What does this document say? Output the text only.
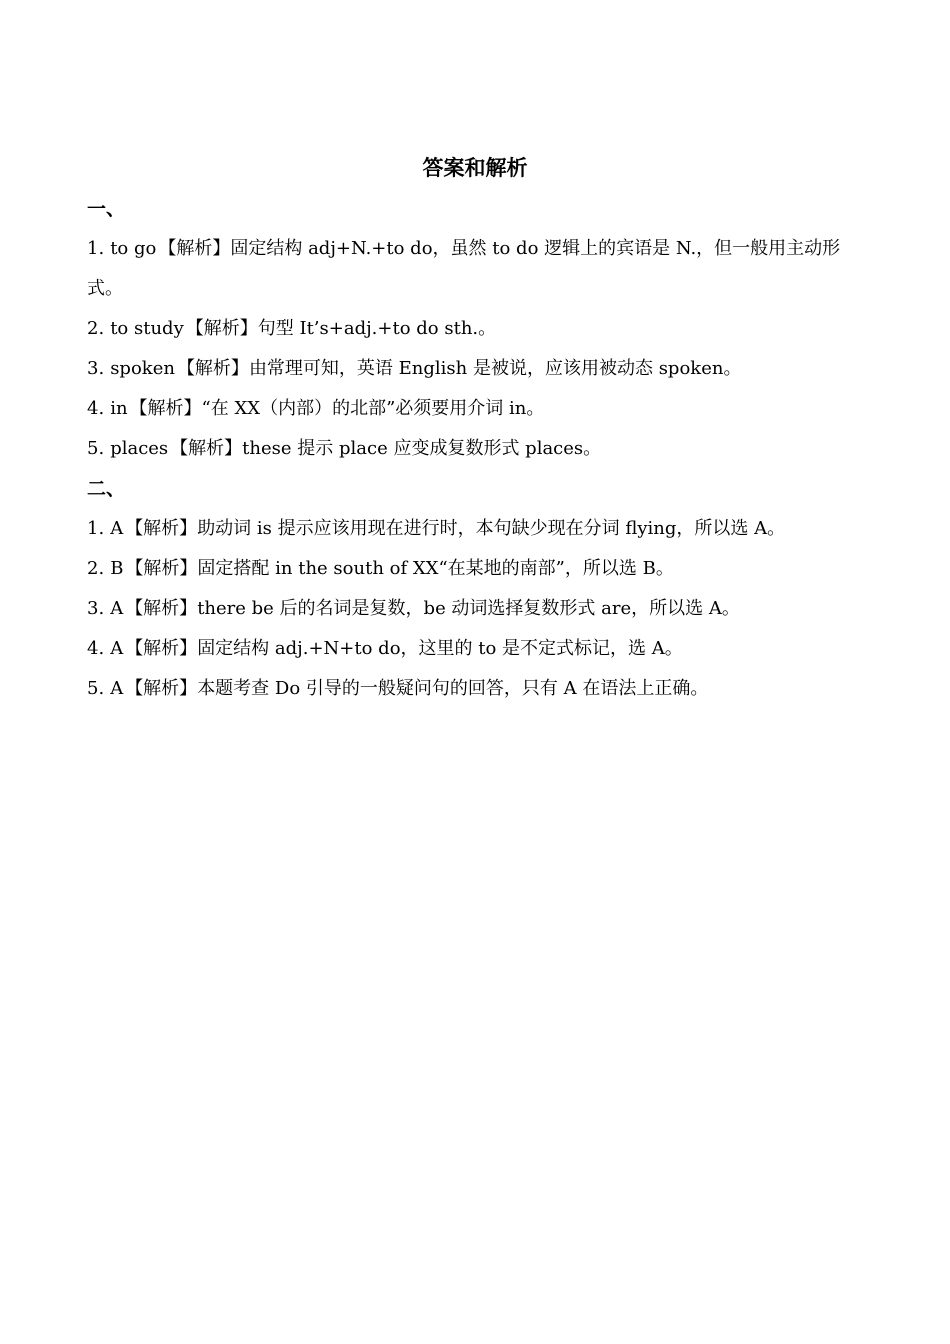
答案和解析
一、

1. to go 【解析】固定结构 adj+N.+to do，虽然 to do 逻辑上的宾语是 N.，但一般用主动形式。

2. to study 【解析】句型 It’s+adj.+to do sth.。

3. spoken 【解析】由常理可知，英语 English 是被说，应该用被动态 spoken。

4. in 【解析】“在 XX（内部）的北部”必须要用介词 in。

5. places 【解析】these 提示 place 应变成复数形式 places。

二、

1. A 【解析】助动词 is 提示应该用现在进行时，本句缺少现在分词 flying，所以选 A。

2. B 【解析】固定搭配 in the south of XX“在某地的南部”，所以选 B。

3. A 【解析】there be 后的名词是复数，be 动词选择复数形式 are，所以选 A。

4. A 【解析】固定结构 adj.+N+to do，这里的 to 是不定式标记，选 A。

5. A 【解析】本题考查 Do 引导的一般疑问句的回答，只有 A 在语法上正确。
